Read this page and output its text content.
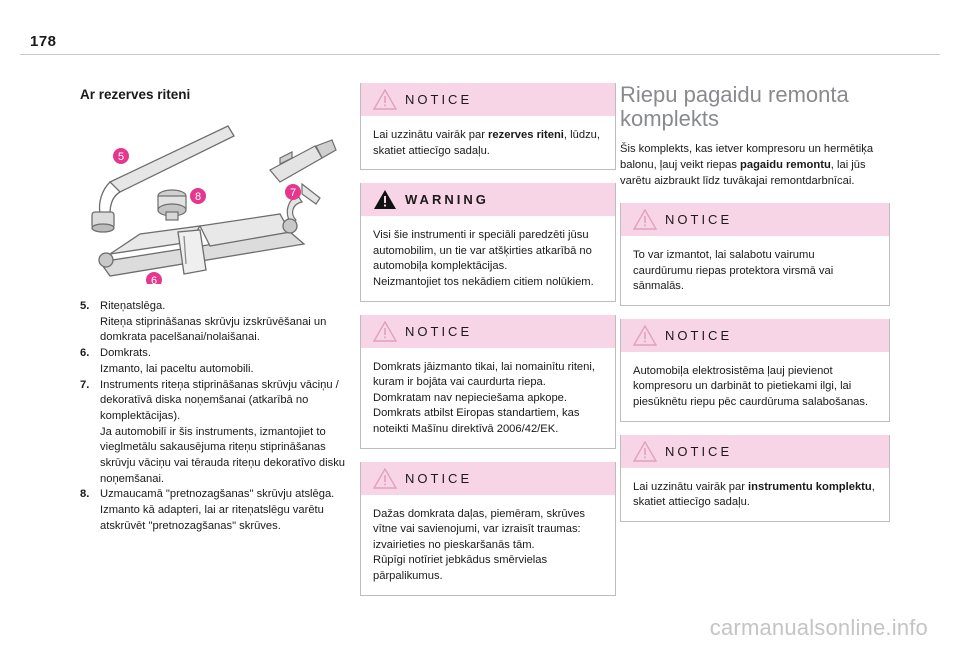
178
Ar rezerves riteni
5
8	7
6
5. Riteņatslēga.
Riteņa stiprināšanas skrūvju izskrūvēšanai un domkrata pacelšanai/nolaišanai.
6. Domkrats.
Izmanto, lai paceltu automobili.
7. Instruments riteņa stiprināšanas skrūvju vāciņu / dekoratīvā diska noņemšanai (atkarībā no komplektācijas).
Ja automobilī ir šis instruments, izmantojiet to vieglmetālu sakausējuma riteņu stiprināšanas skrūvju vāciņu vai tērauda riteņu dekoratīvo disku noņemšanai.
8. Uzmaucamā "pretnozagšanas" skrūvju atslēga.
Izmanto kā adapteri, lai ar riteņatslēgu varētu atskrūvēt "pretnozagšanas" skrūves.
NOTICE
Lai uzzinātu vairāk par rezerves riteni, lūdzu, skatiet attiecīgo sadaļu.
WARNING
Visi šie instrumenti ir speciāli paredzēti jūsu automobilim, un tie var atšķirties atkarībā no automobiļa komplektācijas.
Neizmantojiet tos nekādiem citiem nolūkiem.
NOTICE
Domkrats jāizmanto tikai, lai nomainītu riteni, kuram ir bojāta vai caurdurta riepa.
Domkratam nav nepieciešama apkope.
Domkrats atbilst Eiropas standartiem, kas noteikti Mašīnu direktīvā 2006/42/EK.
NOTICE
Dažas domkrata daļas, piemēram, skrūves vītne vai savienojumi, var izraisīt traumas: izvairieties no pieskaršanās tām.
Rūpīgi notīriet jebkādus smērvielas pārpalikumus.
Riepu pagaidu remonta
komplekts
Šis komplekts, kas ietver kompresoru un hermētiķa balonu, ļauj veikt riepas pagaidu remontu, lai jūs varētu aizbraukt līdz tuvākajai remontdarbnīcai.
NOTICE
To var izmantot, lai salabotu vairumu caurdūrumu riepas protektora virsmā vai sānmalās.
NOTICE
Automobiļa elektrosistēma ļauj pievienot kompresoru un darbināt to pietiekami ilgi, lai piesūknētu riepu pēc caurdūruma salabošanas.
NOTICE
Lai uzzinātu vairāk par instrumentu komplektu, skatiet attiecīgo sadaļu.
carmanualsonline.info
